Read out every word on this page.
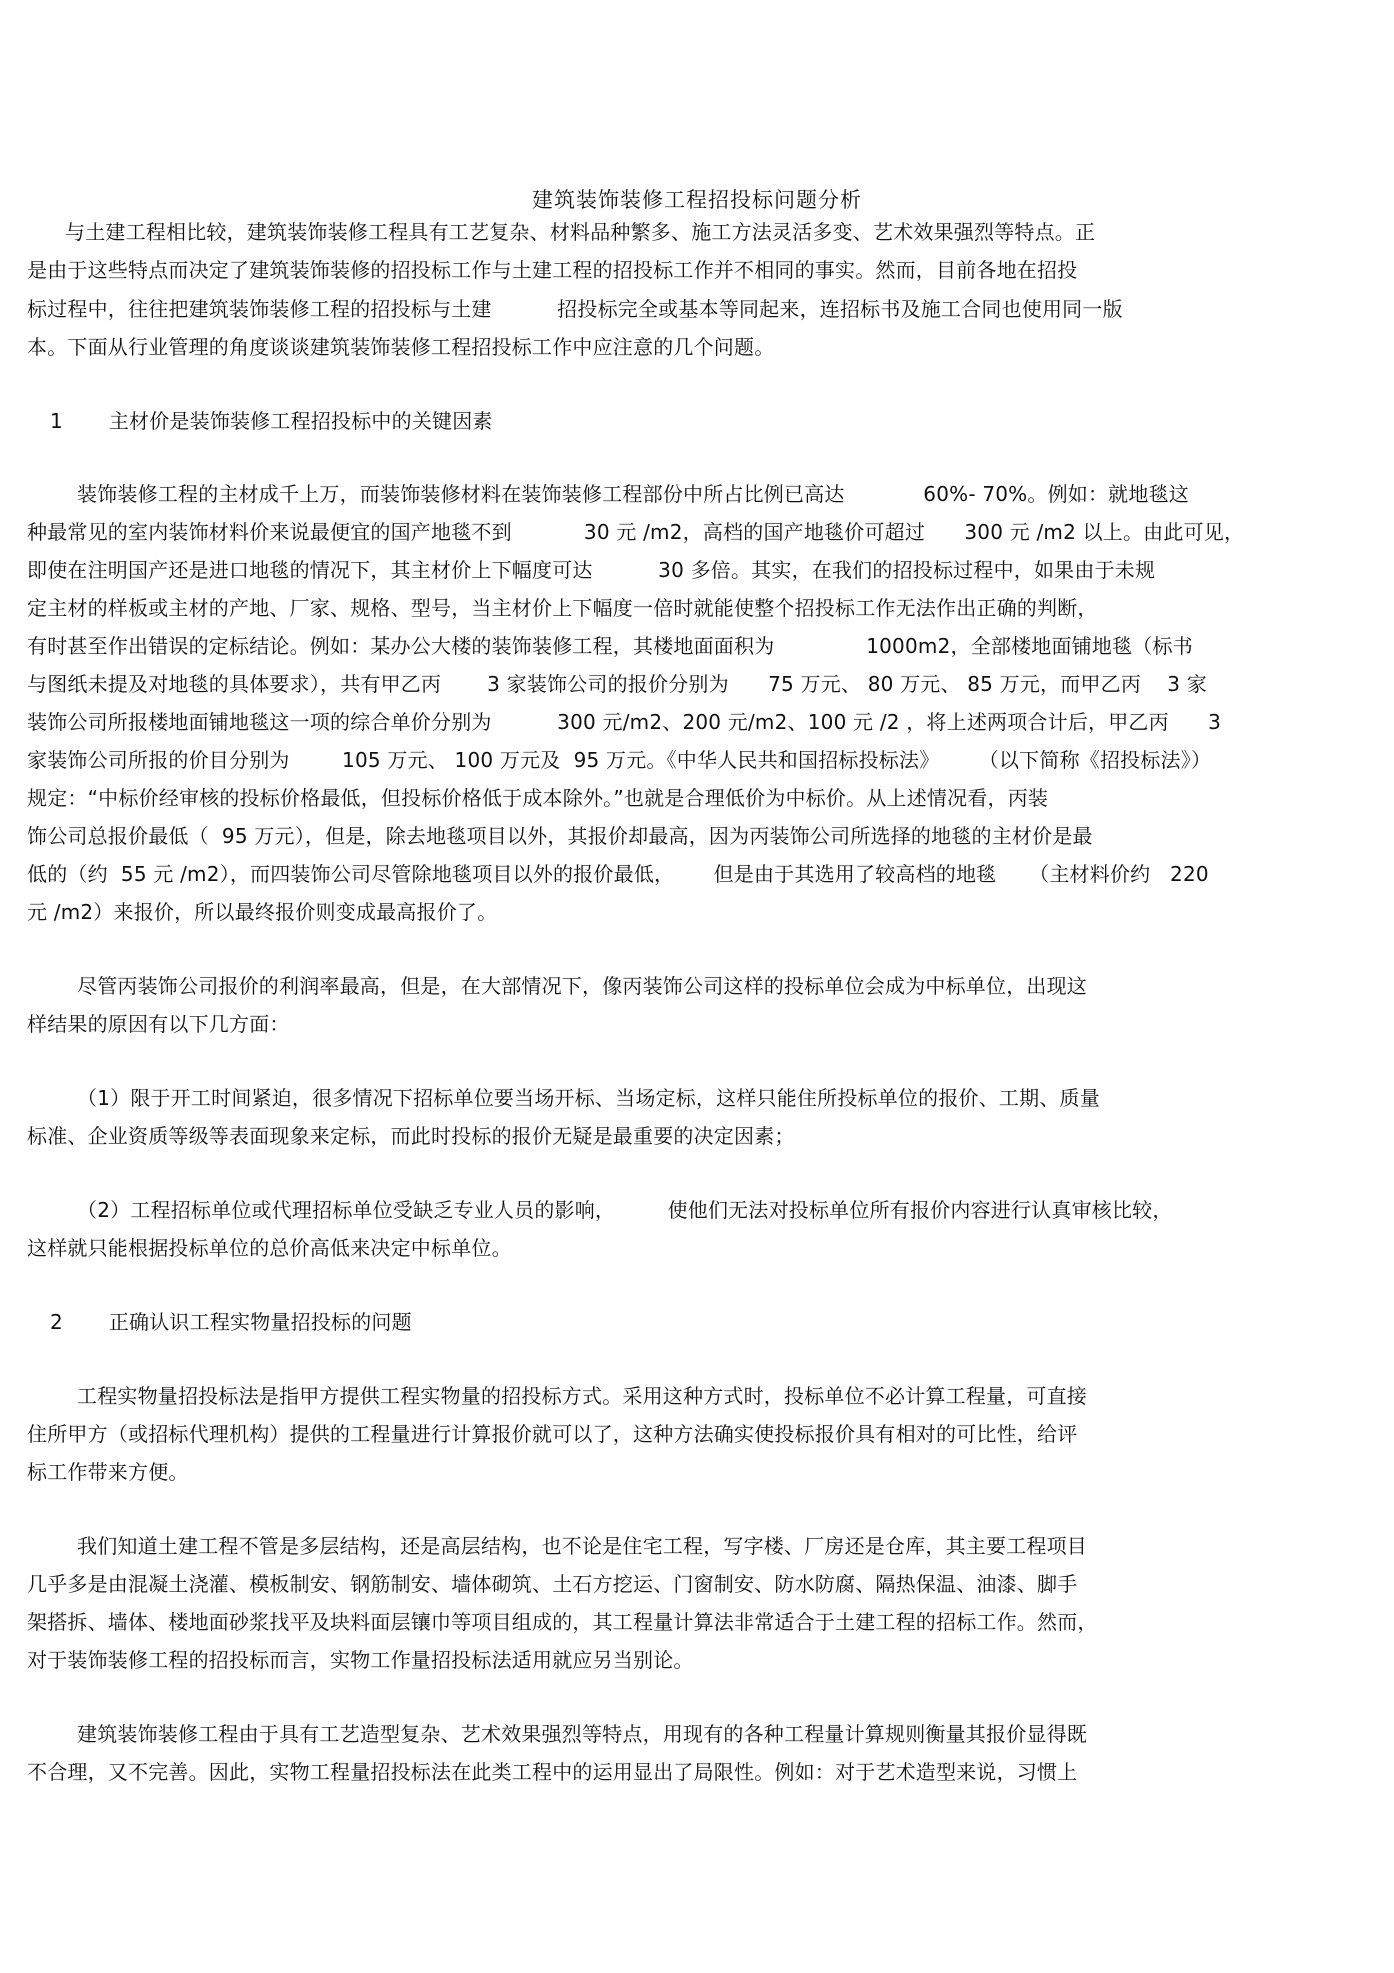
建筑装饰装修工程招投标问题分析
与土建工程相比较，建筑装饰装修工程具有工艺复杂、材料品种繁多、施工方法灵活多变、艺术效果强烈等特点。正
是由于这些特点而决定了建筑装饰装修的招投标工作与土建工程的招投标工作并不相同的事实。然而，目前各地在招投
标过程中，往往把建筑装饰装修工程的招投标与土建          招投标完全或基本等同起来，连招标书及施工合同也使用同一版
本。下面从行业管理的角度谈谈建筑装饰装修工程招投标工作中应注意的几个问题。
1       主材价是装饰装修工程招投标中的关键因素
装饰装修工程的主材成千上万，而装饰装修材料在装饰装修工程部份中所占比例已高达            60%- 70%。例如：就地毯这
种最常见的室内装饰材料价来说最便宜的国产地毯不到           30 元 /m2，高档的国产地毯价可超过      300 元 /m2 以上。由此可见，
即使在注明国产还是进口地毯的情况下，其主材价上下幅度可达          30 多倍。其实，在我们的招投标过程中，如果由于未规
定主材的样板或主材的产地、厂家、规格、型号，当主材价上下幅度一倍时就能使整个招投标工作无法作出正确的判断，
有时甚至作出错误的定标结论。例如：某办公大楼的装饰装修工程，其楼地面面积为              1000m2，全部楼地面铺地毯（标书
与图纸未提及对地毯的具体要求），共有甲乙丙       3 家装饰公司的报价分别为      75 万元、 80 万元、 85 万元，而甲乙丙    3 家
装饰公司所报楼地面铺地毯这一项的综合单价分别为          300 元/m2、200 元/m2、100 元 /2 ，将上述两项合计后，甲乙丙      3
家装饰公司所报的价目分别为        105 万元、 100 万元及  95 万元。《中华人民共和国招标投标法》      （以下简称《招投标法》）
规定：“中标价经审核的投标价格最低，但投标价格低于成本除外。”也就是合理低价为中标价。从上述情况看，丙装
饰公司总报价最低（  95 万元），但是，除去地毯项目以外，其报价却最高，因为丙装饰公司所选择的地毯的主材价是最
低的（约  55 元 /m2），而四装饰公司尽管除地毯项目以外的报价最低，      但是由于其选用了较高档的地毯     （主材料价约   220
元 /m2）来报价，所以最终报价则变成最高报价了。
尽管丙装饰公司报价的利润率最高，但是，在大部情况下，像丙装饰公司这样的投标单位会成为中标单位，出现这
样结果的原因有以下几方面：
（1）限于开工时间紧迫，很多情况下招标单位要当场开标、当场定标，这样只能住所投标单位的报价、工期、质量
标准、企业资质等级等表面现象来定标，而此时投标的报价无疑是最重要的决定因素；
（2）工程招标单位或代理招标单位受缺乏专业人员的影响，        使他们无法对投标单位所有报价内容进行认真审核比较，
这样就只能根据投标单位的总价高低来决定中标单位。
2       正确认识工程实物量招投标的问题
工程实物量招投标法是指甲方提供工程实物量的招投标方式。采用这种方式时，投标单位不必计算工程量，可直接
住所甲方（或招标代理机构）提供的工程量进行计算报价就可以了，这种方法确实使投标报价具有相对的可比性，给评
标工作带来方便。
我们知道土建工程不管是多层结构，还是高层结构，也不论是住宅工程，写字楼、厂房还是仓库，其主要工程项目
几乎多是由混凝土浇灌、模板制安、钢筋制安、墙体砌筑、土石方挖运、门窗制安、防水防腐、隔热保温、油漆、脚手
架搭拆、墙体、楼地面砂浆找平及块料面层镶巾等项目组成的，其工程量计算法非常适合于土建工程的招标工作。然而，
对于装饰装修工程的招投标而言，实物工作量招投标法适用就应另当别论。
建筑装饰装修工程由于具有工艺造型复杂、艺术效果强烈等特点，用现有的各种工程量计算规则衡量其报价显得既
不合理，又不完善。因此，实物工程量招投标法在此类工程中的运用显出了局限性。例如：对于艺术造型来说，习惯上
